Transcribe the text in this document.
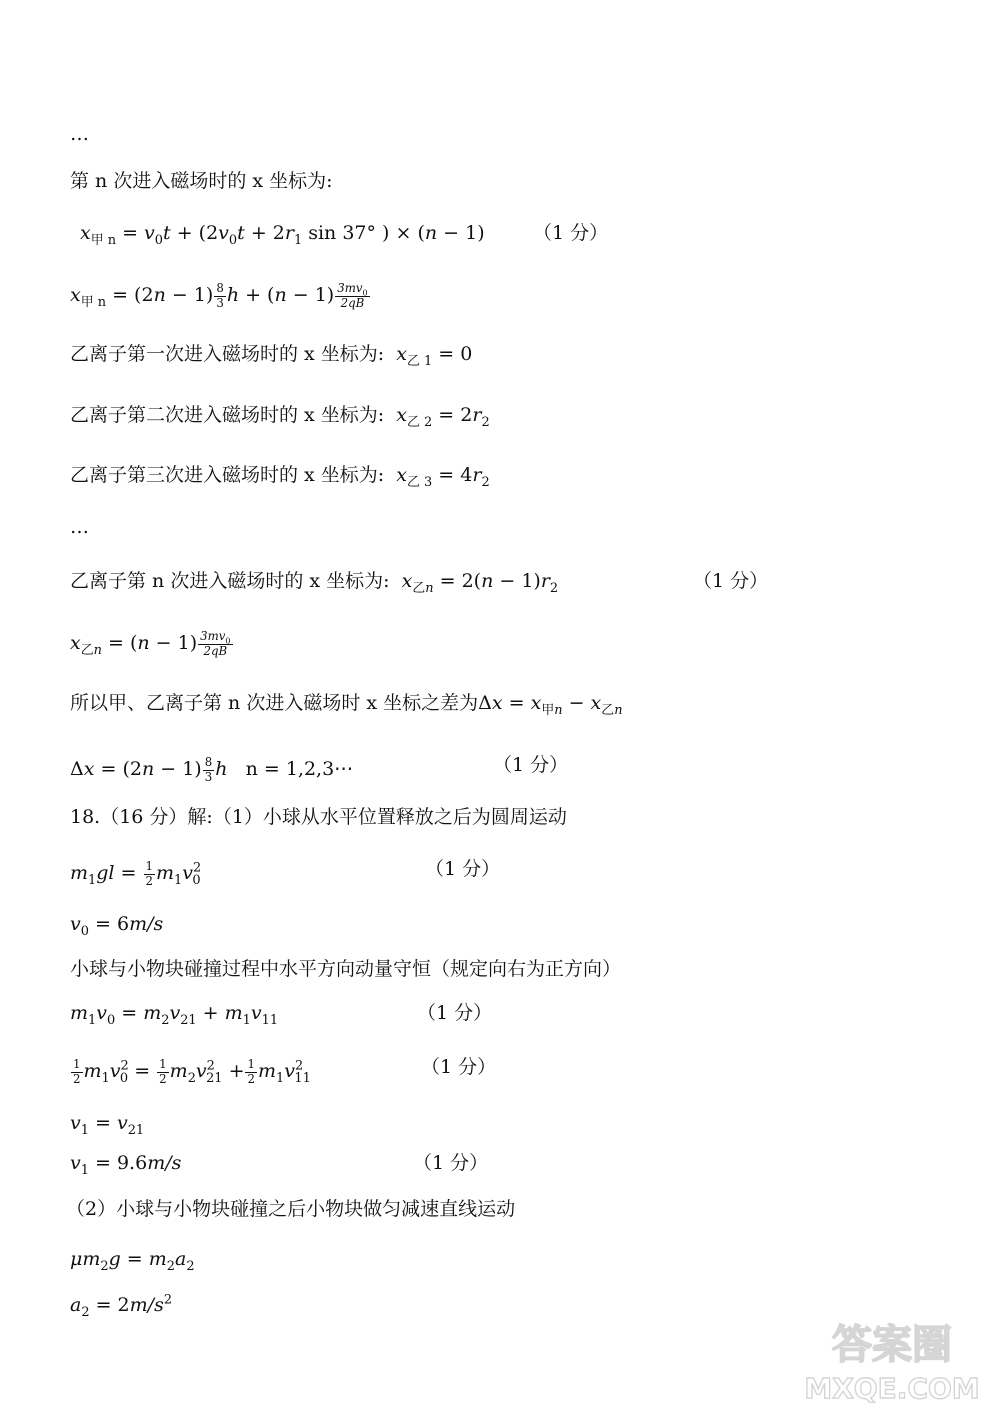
…
第 n 次进入磁场时的 x 坐标为:
$x_{甲 n} = v_0t + (2v_0t + 2r_1$ sin 37° ) × (n − 1)	（1 分）
$x_{甲 n} = (2n - 1) \frac{8}{3}$ $h + (n - 1) \frac{3mv_0}{2qB}$
乙离子第一次进入磁场时的 x 坐标为: $x_{乙 1} = 0$
乙离子第二次进入磁场时的 x 坐标为: $x_{乙 2} = 2r_2$
乙离子第三次进入磁场时的 x 坐标为: $x_{乙 3} = 4r_2$
…
乙离子第 n 次进入磁场时的 x 坐标为: $x_{乙n} = 2(n - 1)r_2$	（1 分）
$x_{乙n} = (n - 1) \frac{3mv_0}{2qB}$
所以甲、乙离子第 n 次进入磁场时 x 坐标之差为$\Delta x = x_{甲n} - x_{乙n}$
$\Delta x = (2n - 1) \frac{8}{3}$ h   n = 1,2,3⋯	（1 分）
18.（16 分）解:（1）小球从水平位置释放之后为圆周运动
$m_1gl = \frac{1}{2} m_1v^2_0$
（1 分）
$v_0 = 6m/s$
小球与小物块碰撞过程中水平方向动量守恒（规定向右为正方向）
$m_1v_0 = m_2v_{21} + m_1v_{11}$	（1 分）
$\frac{1}{2} m_1v^2_0 = \frac{1}{2} m_2v^2_{21} + \frac{1}{2} m_1v^2_{11}$
（1 分）
$v_1 = v_{21}$
$v_1 = 9.6m/s$	（1 分）
（2）小球与小物块碰撞之后小物块做匀减速直线运动
$\mu m_2g = m_2a_2$
$a_2 = 2m/s^2$
答案圈
MXQE.COM
